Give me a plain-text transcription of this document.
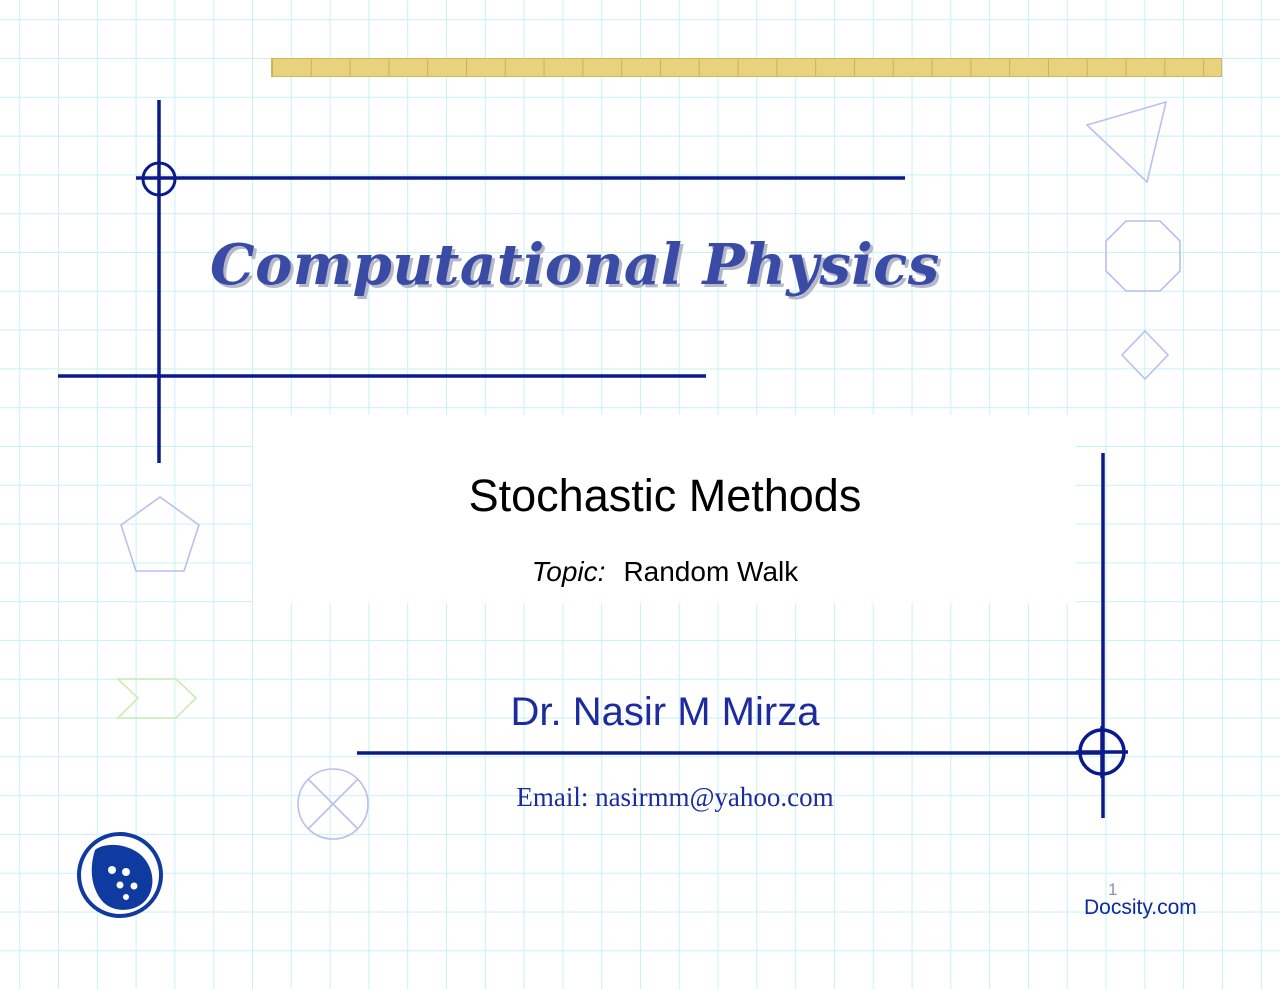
Computational Physics
Stochastic Methods
Topic: Random Walk
Dr. Nasir M Mirza
Email: nasirmm@yahoo.com
1
Docsity.com
